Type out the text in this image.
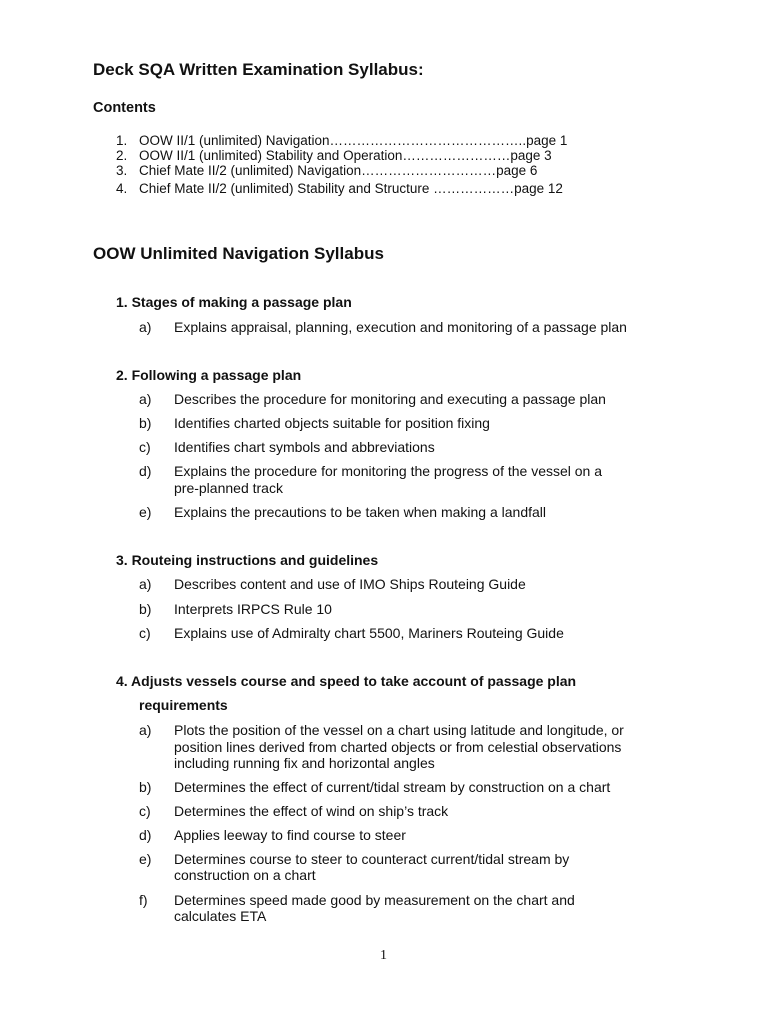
Deck SQA Written Examination Syllabus:
Contents
1. OOW II/1 (unlimited) Navigation……………………………………..page 1
2. OOW II/1 (unlimited) Stability and Operation……………………page 3
3. Chief Mate II/2 (unlimited) Navigation…………………………page 6
4. Chief Mate II/2 (unlimited) Stability and Structure ………………page 12
OOW Unlimited Navigation Syllabus
1. Stages of making a passage plan
a) Explains appraisal, planning, execution and monitoring of a passage plan
2. Following a passage plan
a) Describes the procedure for monitoring and executing a passage plan
b) Identifies charted objects suitable for position fixing
c) Identifies chart symbols and abbreviations
d) Explains the procedure for monitoring the progress of the vessel on a
pre-planned track
e) Explains the precautions to be taken when making a landfall
3. Routeing instructions and guidelines
a) Describes content and use of IMO Ships Routeing Guide
b) Interprets IRPCS Rule 10
c) Explains use of Admiralty chart 5500, Mariners Routeing Guide
4. Adjusts vessels course and speed to take account of passage plan
requirements
a) Plots the position of the vessel on a chart using latitude and longitude, or
position lines derived from charted objects or from celestial observations
including running fix and horizontal angles
b) Determines the effect of current/tidal stream by construction on a chart
c) Determines the effect of wind on ship’s track
d) Applies leeway to find course to steer
e) Determines course to steer to counteract current/tidal stream by
construction on a chart
f) Determines speed made good by measurement on the chart and
calculates ETA
1
